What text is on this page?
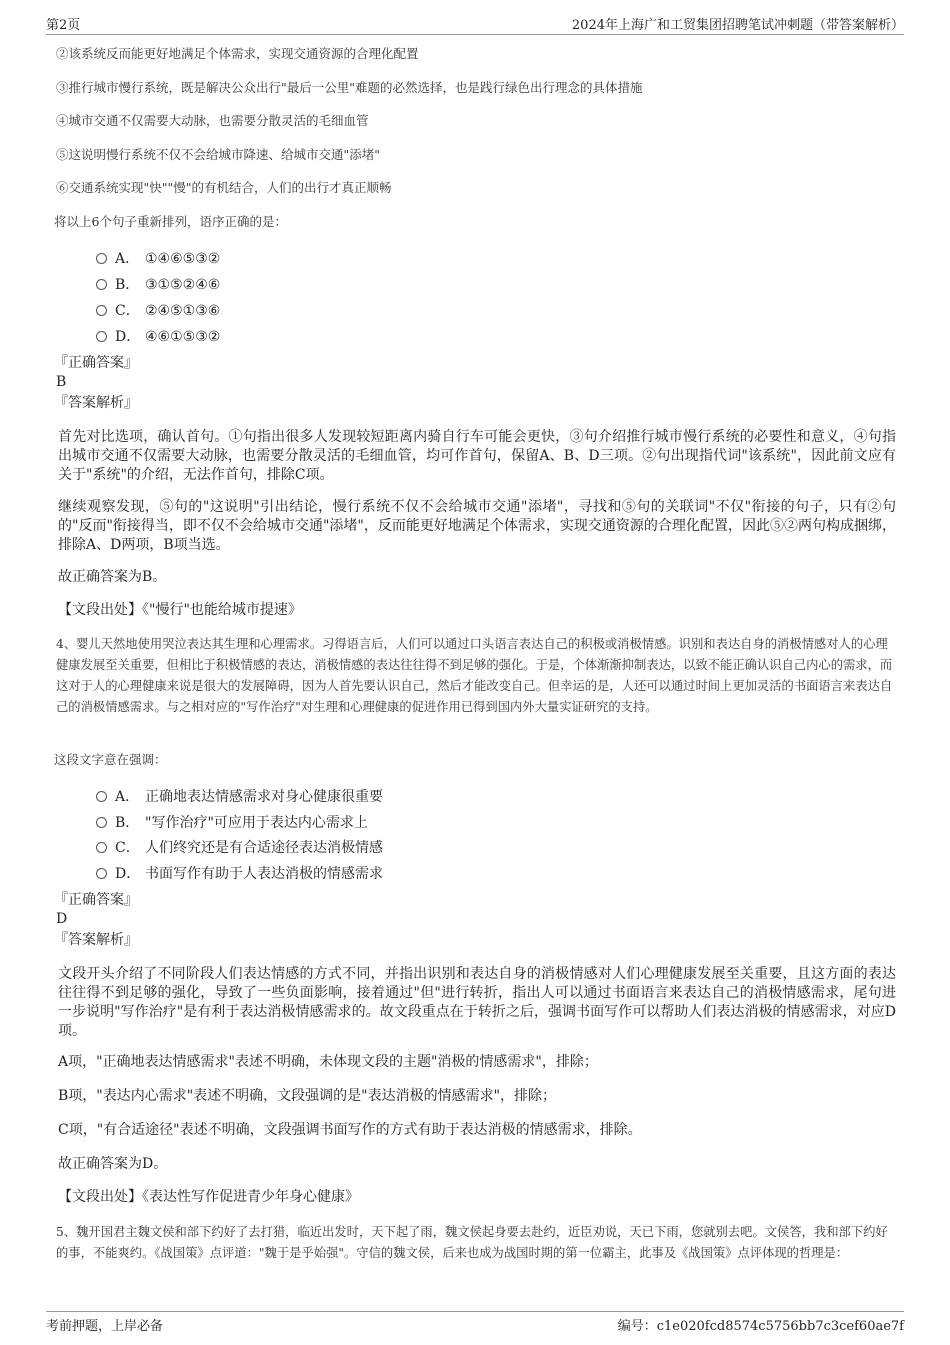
第2页	2024年上海广和工贸集团招聘笔试冲刺题（带答案解析）
②该系统反而能更好地满足个体需求，实现交通资源的合理化配置
③推行城市慢行系统，既是解决公众出行"最后一公里"难题的必然选择，也是践行绿色出行理念的具体措施
④城市交通不仅需要大动脉，也需要分散灵活的毛细血管
⑤这说明慢行系统不仅不会给城市降速、给城市交通"添堵"
⑥交通系统实现"快""慢"的有机结合，人们的出行才真正顺畅
将以上6个句子重新排列，语序正确的是：
A． ①④⑥⑤③②
B． ③①⑤②④⑥
C． ②④⑤①③⑥
D． ④⑥①⑤③②
『正确答案』
B
『答案解析』
首先对比选项，确认首句。①句指出很多人发现较短距离内骑自行车可能会更快，③句介绍推行城市慢行系统的必要性和意义，④句指出城市交通不仅需要大动脉，也需要分散灵活的毛细血管，均可作首句，保留A、B、D三项。②句出现指代词"该系统"，因此前文应有关于"系统"的介绍，无法作首句，排除C项。
继续观察发现，⑤句的"这说明"引出结论，慢行系统不仅不会给城市交通"添堵"，寻找和⑤句的关联词"不仅"衔接的句子，只有②句的"反而"衔接得当，即不仅不会给城市交通"添堵"，反而能更好地满足个体需求，实现交通资源的合理化配置，因此⑤②两句构成捆绑，排除A、D两项，B项当选。
故正确答案为B。
【文段出处】《"慢行"也能给城市提速》
4、婴儿天然地使用哭泣表达其生理和心理需求。习得语言后，人们可以通过口头语言表达自己的积极或消极情感。识别和表达自身的消极情感对人的心理健康发展至关重要，但相比于积极情感的表达，消极情感的表达往往得不到足够的强化。于是，个体渐渐抑制表达，以致不能正确认识自己内心的需求，而这对于人的心理健康来说是很大的发展障碍，因为人首先要认识自己，然后才能改变自己。但幸运的是，人还可以通过时间上更加灵活的书面语言来表达自己的消极情感需求。与之相对应的"写作治疗"对生理和心理健康的促进作用已得到国内外大量实证研究的支持。
这段文字意在强调：
A． 正确地表达情感需求对身心健康很重要
B． "写作治疗"可应用于表达内心需求上
C． 人们终究还是有合适途径表达消极情感
D． 书面写作有助于人表达消极的情感需求
『正确答案』
D
『答案解析』
文段开头介绍了不同阶段人们表达情感的方式不同，并指出识别和表达自身的消极情感对人们心理健康发展至关重要，且这方面的表达往往得不到足够的强化，导致了一些负面影响，接着通过"但"进行转折，指出人可以通过书面语言来表达自己的消极情感需求，尾句进一步说明"写作治疗"是有利于表达消极情感需求的。故文段重点在于转折之后，强调书面写作可以帮助人们表达消极的情感需求，对应D项。
A项，"正确地表达情感需求"表述不明确，未体现文段的主题"消极的情感需求"，排除；
B项，"表达内心需求"表述不明确，文段强调的是"表达消极的情感需求"，排除；
C项，"有合适途径"表述不明确，文段强调书面写作的方式有助于表达消极的情感需求，排除。
故正确答案为D。
【文段出处】《表达性写作促进青少年身心健康》
5、魏开国君主魏文侯和部下约好了去打猎，临近出发时，天下起了雨，魏文侯起身要去赴约，近臣劝说，天已下雨，您就别去吧。文侯答，我和部下约好的事，不能爽约。《战国策》点评道："魏于是乎始强"。守信的魏文侯，后来也成为战国时期的第一位霸主，此事及《战国策》点评体现的哲理是：
考前押题，上岸必备	编号：c1e020fcd8574c5756bb7c3cef60ae7f
